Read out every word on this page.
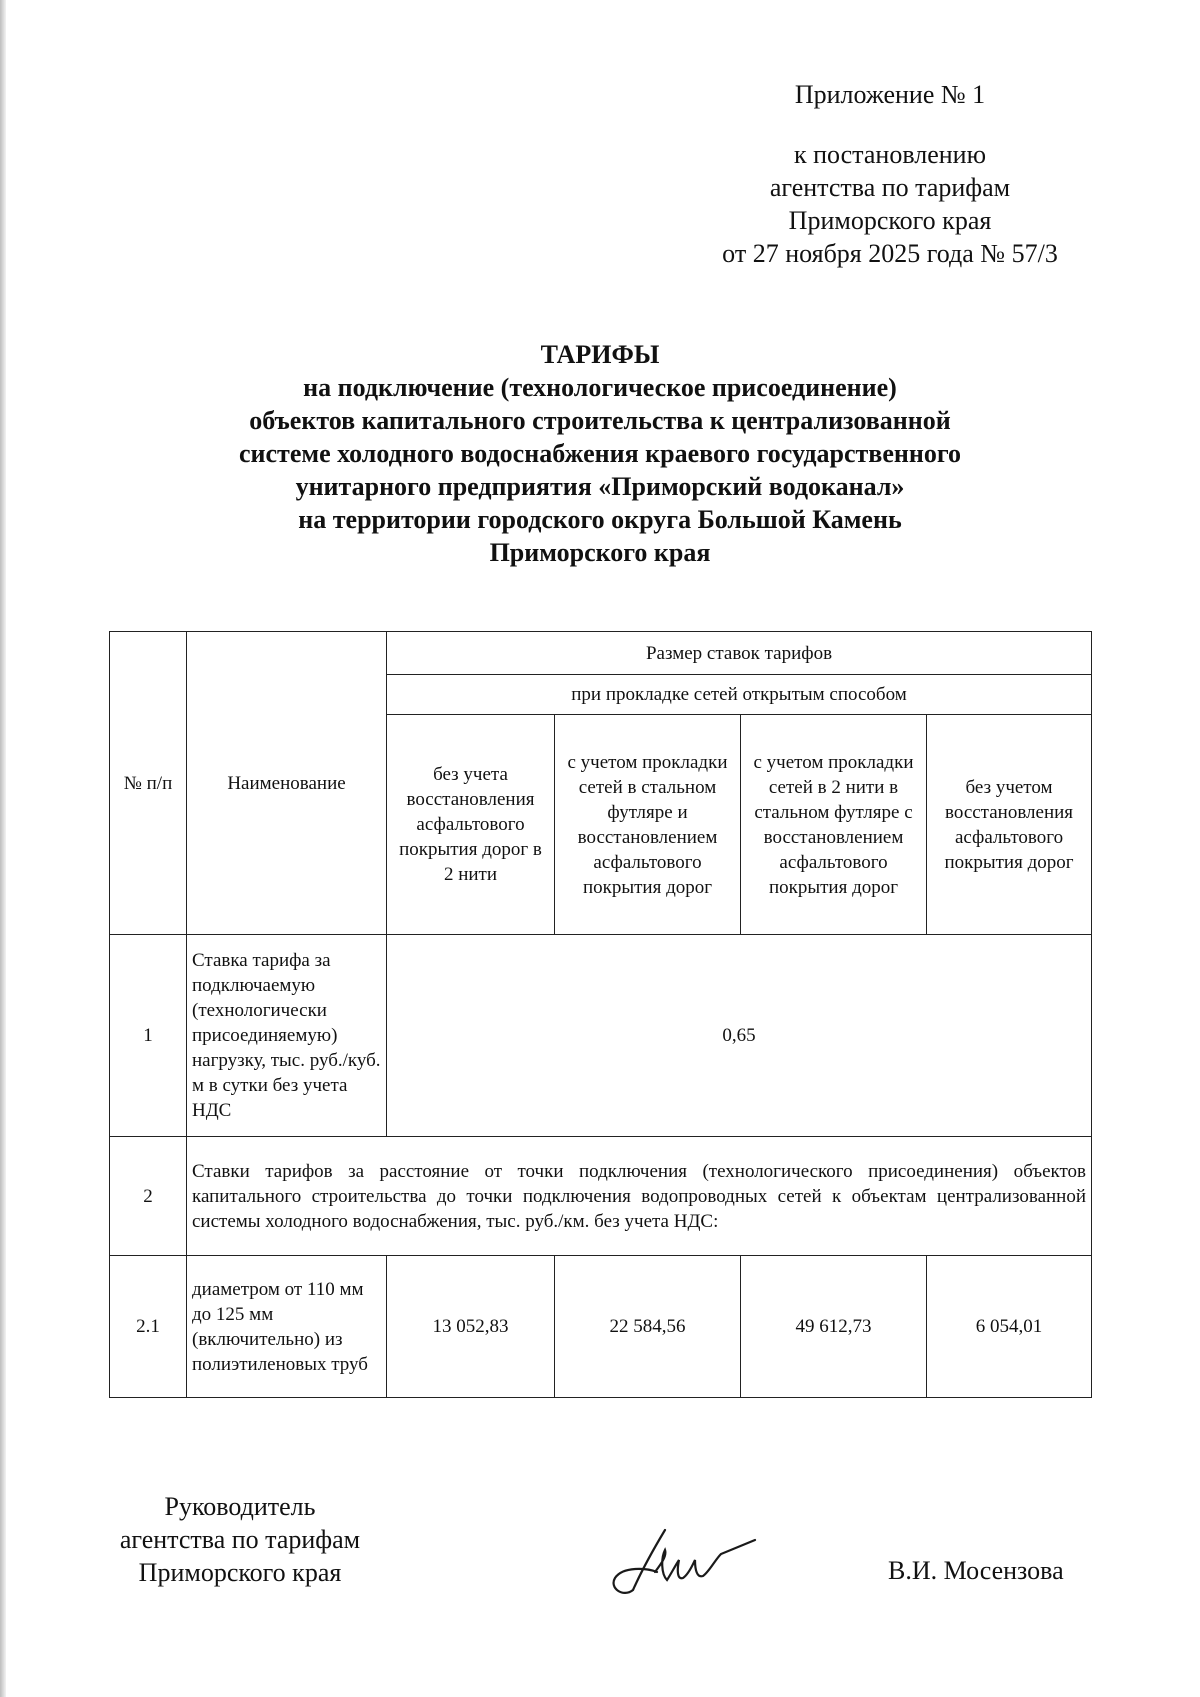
Приложение № 1
к постановлению
агентства по тарифам
Приморского края
от 27 ноября 2025 года № 57/3
ТАРИФЫ
на подключение (технологическое присоединение)
объектов капитального строительства к централизованной
системе холодного водоснабжения краевого государственного
унитарного предприятия «Приморский водоканал»
на территории городского округа Большой Камень
Приморского края
№ п/п	Наименование	Размер ставок тарифов			
		при прокладке сетей открытым способом			
		без учета восстановления асфальтового покрытия дорог в 2 нити	с учетом прокладки сетей в стальном футляре и восстановлением асфальтового покрытия дорог	с учетом прокладки сетей в 2 нити в стальном футляре с восстановлением асфальтового покрытия дорог	без учетом восстановления асфальтового покрытия дорог
1	Ставка тарифа за подключаемую (технологически присоединяемую) нагрузку, тыс. руб./куб. м в сутки без учета НДС	0,65			
2	Ставки тарифов за расстояние от точки подключения (технологического присоединения) объектов капитального строительства до точки подключения водопроводных сетей к объектам централизованной системы холодного водоснабжения, тыс. руб./км. без учета НДС:				
2.1	диаметром от 110 мм до 125 мм (включительно) из полиэтиленовых труб	13 052,83	22 584,56	49 612,73	6 054,01
Руководитель
агентства по тарифам
Приморского края	В.И. Мосензова
